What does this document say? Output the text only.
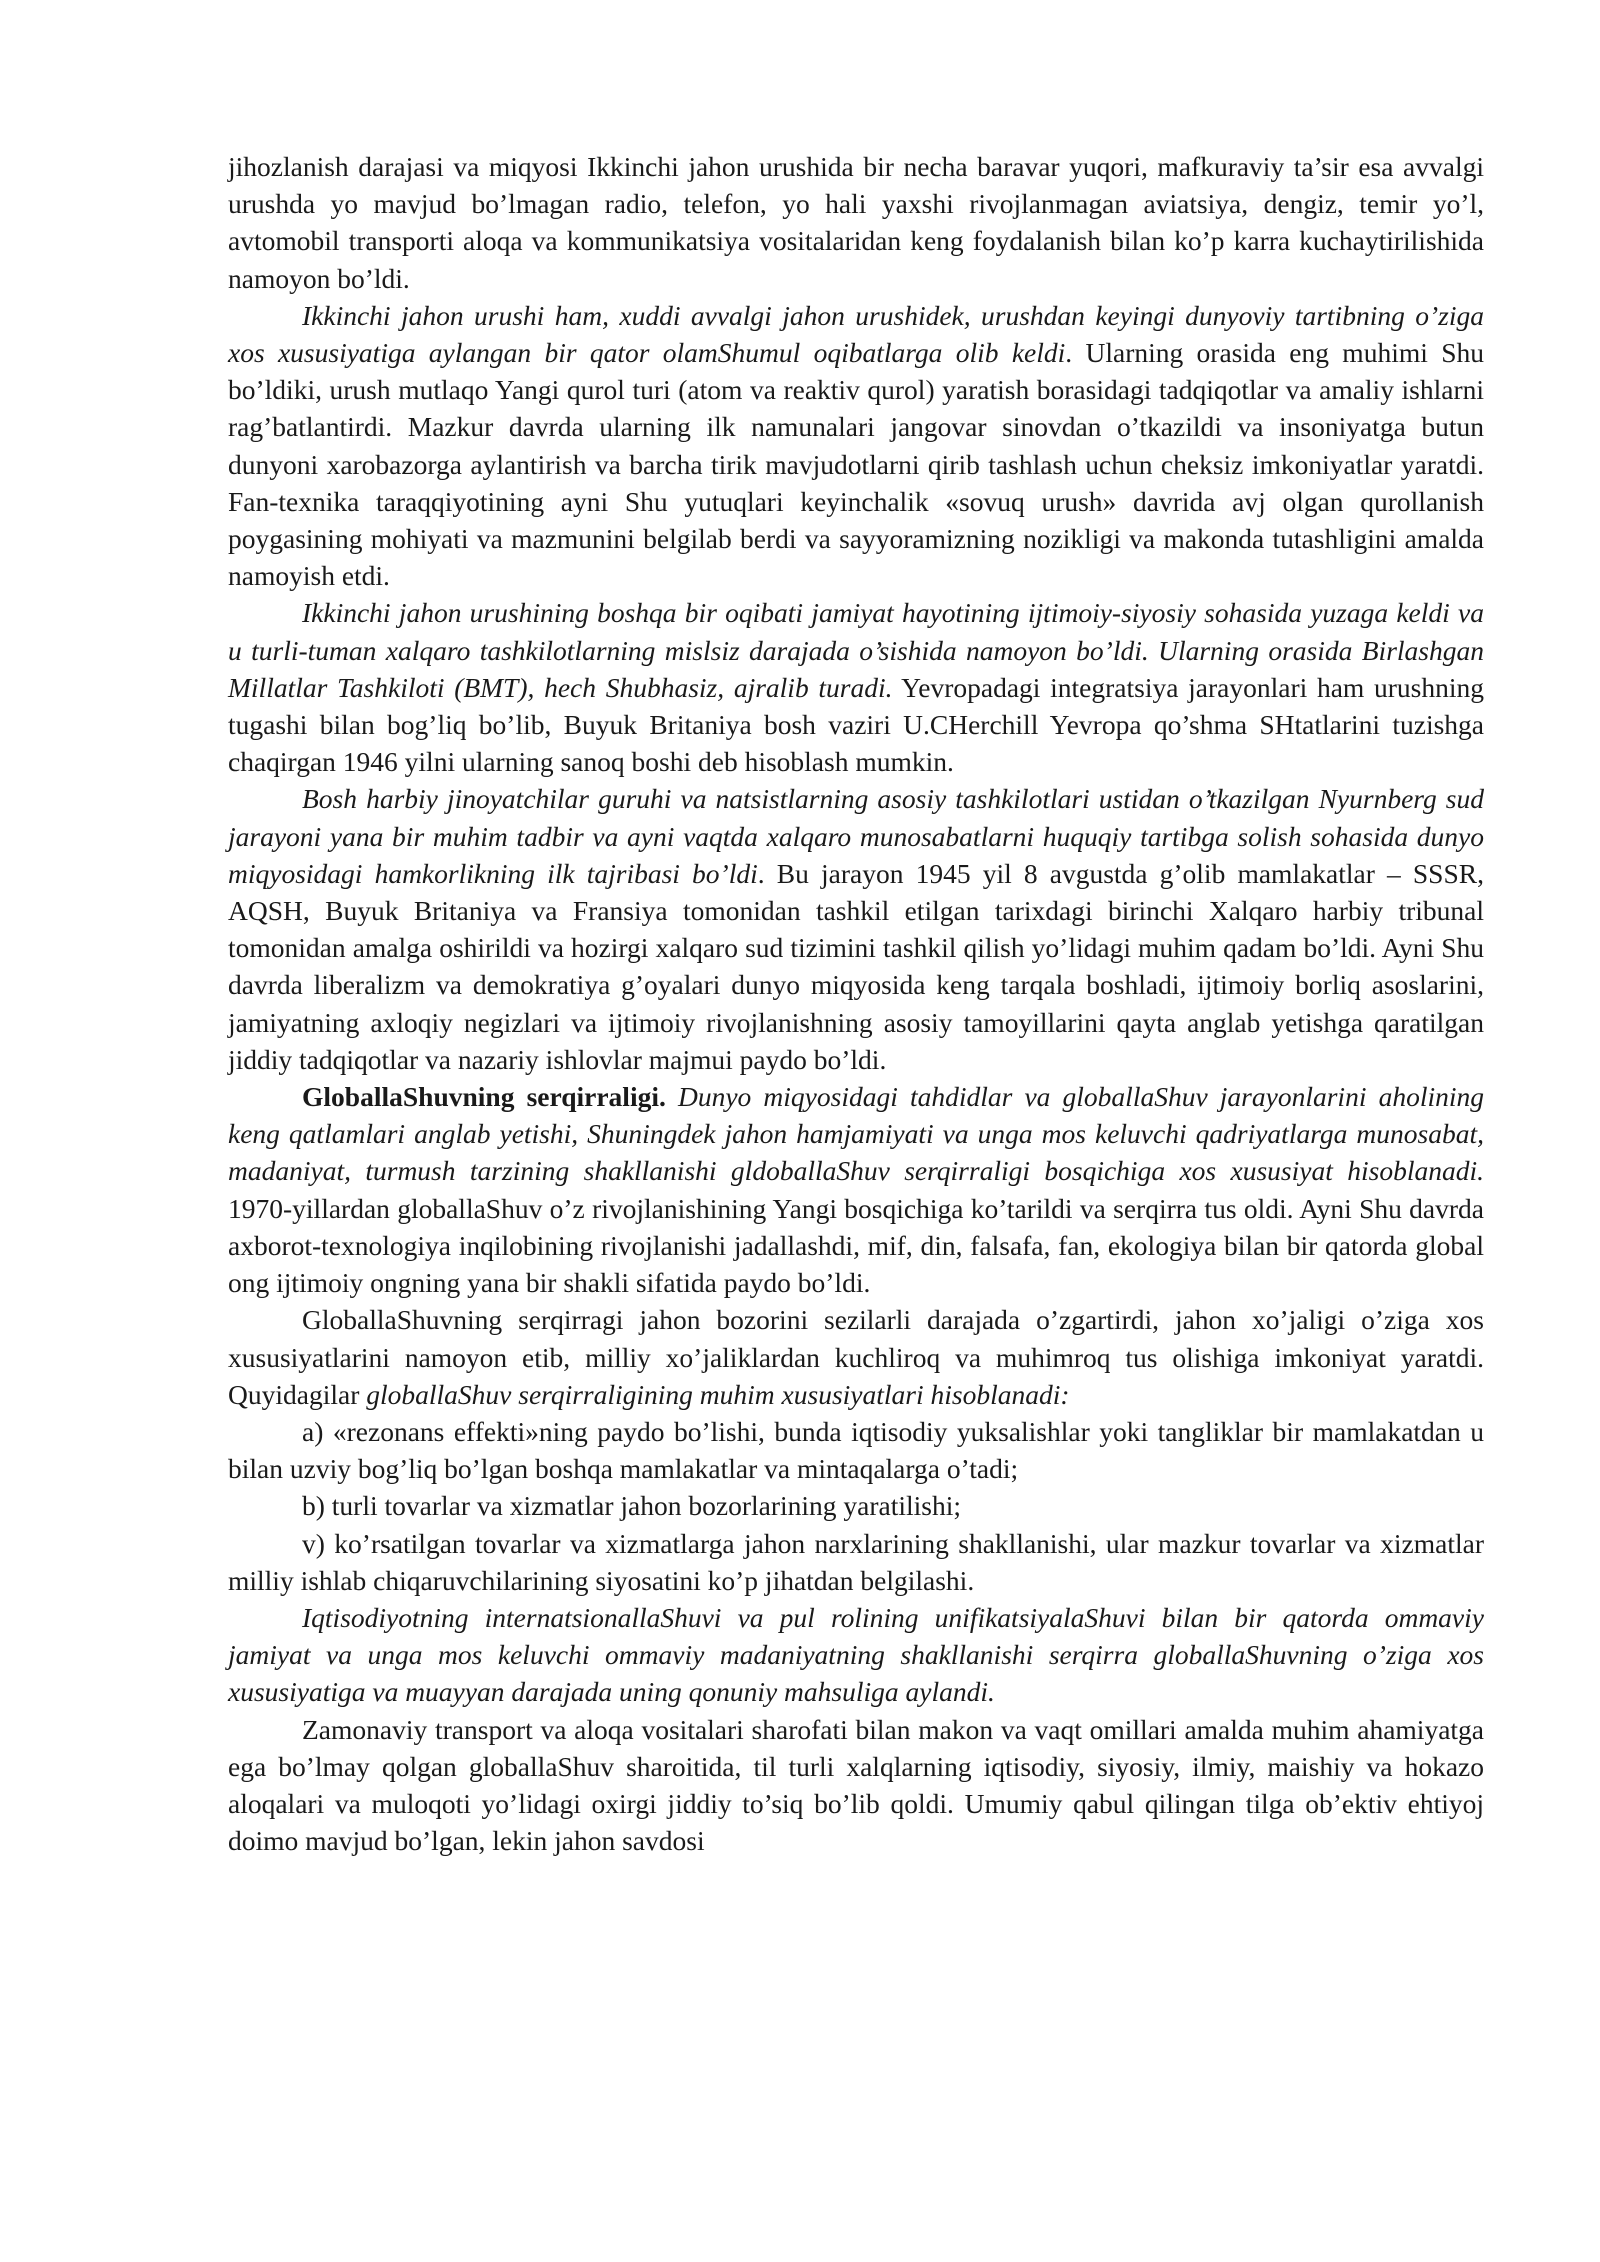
jihozlanish darajasi va miqyosi Ikkinchi jahon urushida bir necha baravar yuqori, mafkuraviy ta’sir esa avvalgi urushda yo mavjud bo’lmagan radio, telefon, yo hali yaxshi rivojlanmagan aviatsiya, dengiz, temir yo’l, avtomobil transporti aloqa va kommunikatsiya vositalaridan keng foydalanish bilan ko’p karra kuchaytirilishida namoyon bo’ldi.

Ikkinchi jahon urushi ham, xuddi avvalgi jahon urushidek, urushdan keyingi dunyoviy tartibning o’ziga xos xususiyatiga aylangan bir qator olamShumul oqibatlarga olib keldi. Ularning orasida eng muhimi Shu bo’ldiki, urush mutlaqo Yangi qurol turi (atom va reaktiv qurol) yaratish borasidagi tadqiqotlar va amaliy ishlarni rag’batlantirdi. Mazkur davrda ularning ilk namunalari jangovar sinovdan o’tkazildi va insoniyatga butun dunyoni xarobazorga aylantirish va barcha tirik mavjudotlarni qirib tashlash uchun cheksiz imkoniyatlar yaratdi. Fan-texnika taraqqiyotining ayni Shu yutuqlari keyinchalik «sovuq urush» davrida avj olgan qurollanish poygasining mohiyati va mazmunini belgilab berdi va sayyoramizning nozikligi va makonda tutashligini amalda namoyish etdi.

Ikkinchi jahon urushining boshqa bir oqibati jamiyat hayotining ijtimoiy-siyosiy sohasida yuzaga keldi va u turli-tuman xalqaro tashkilotlarning mislsiz darajada o’sishida namoyon bo’ldi. Ularning orasida Birlashgan Millatlar Tashkiloti (BMT), hech Shubhasiz, ajralib turadi. Yevropadagi integratsiya jarayonlari ham urushning tugashi bilan bog’liq bo’lib, Buyuk Britaniya bosh vaziri U.CHerchill Yevropa qo’shma SHtatlarini tuzishga chaqirgan 1946 yilni ularning sanoq boshi deb hisoblash mumkin.

Bosh harbiy jinoyatchilar guruhi va natsistlarning asosiy tashkilotlari ustidan o’tkazilgan Nyurnberg sud jarayoni yana bir muhim tadbir va ayni vaqtda xalqaro munosabatlarni huquqiy tartibga solish sohasida dunyo miqyosidagi hamkorlikning ilk tajribasi bo’ldi. Bu jarayon 1945 yil 8 avgustda g’olib mamlakatlar – SSSR, AQSH, Buyuk Britaniya va Fransiya tomonidan tashkil etilgan tarixdagi birinchi Xalqaro harbiy tribunal tomonidan amalga oshirildi va hozirgi xalqaro sud tizimini tashkil qilish yo’lidagi muhim qadam bo’ldi. Ayni Shu davrda liberalizm va demokratiya g’oyalari dunyo miqyosida keng tarqala boshladi, ijtimoiy borliq asoslarini, jamiyatning axloqiy negizlari va ijtimoiy rivojlanishning asosiy tamoyillarini qayta anglab yetishga qaratilgan jiddiy tadqiqotlar va nazariy ishlovlar majmui paydo bo’ldi.

GloballaShuvning serqirraligi. Dunyo miqyosidagi tahdidlar va globallaShuv jarayonlarini aholining keng qatlamlari anglab yetishi, Shuningdek jahon hamjamiyati va unga mos keluvchi qadriyatlarga munosabat, madaniyat, turmush tarzining shakllanishi gldoballaShuv serqirraligi bosqichiga xos xususiyat hisoblanadi. 1970-yillardan globallaShuv o’z rivojlanishining Yangi bosqichiga ko’tarildi va serqirra tus oldi. Ayni Shu davrda axborot-texnologiya inqilobining rivojlanishi jadallashdi, mif, din, falsafa, fan, ekologiya bilan bir qatorda global ong ijtimoiy ongning yana bir shakli sifatida paydo bo’ldi.

GloballaShuvning serqirragi jahon bozorini sezilarli darajada o’zgartirdi, jahon xo’jaligi o’ziga xos xususiyatlarini namoyon etib, milliy xo’jaliklardan kuchliroq va muhimroq tus olishiga imkoniyat yaratdi. Quyidagilar globallaShuv serqirraligining muhim xususiyatlari hisoblanadi:

a) «rezonans effekti»ning paydo bo’lishi, bunda iqtisodiy yuksalishlar yoki tangliklar bir mamlakatdan u bilan uzviy bog’liq bo’lgan boshqa mamlakatlar va mintaqalarga o’tadi;

b) turli tovarlar va xizmatlar jahon bozorlarining yaratilishi;

v) ko’rsatilgan tovarlar va xizmatlarga jahon narxlarining shakllanishi, ular mazkur tovarlar va xizmatlar milliy ishlab chiqaruvchilarining siyosatini ko’p jihatdan belgilashi.

Iqtisodiyotning internatsionallaShuvi va pul rolining unifikatsiyalaShuvi bilan bir qatorda ommaviy jamiyat va unga mos keluvchi ommaviy madaniyatning shakllanishi serqirra globallaShuvning o’ziga xos xususiyatiga va muayyan darajada uning qonuniy mahsuliga aylandi.

Zamonaviy transport va aloqa vositalari sharofati bilan makon va vaqt omillari amalda muhim ahamiyatga ega bo’lmay qolgan globallaShuv sharoitida, til turli xalqlarning iqtisodiy, siyosiy, ilmiy, maishiy va hokazo aloqalari va muloqoti yo’lidagi oxirgi jiddiy to’siq bo’lib qoldi. Umumiy qabul qilingan tilga ob’ektiv ehtiyoj doimo mavjud bo’lgan, lekin jahon savdosi
